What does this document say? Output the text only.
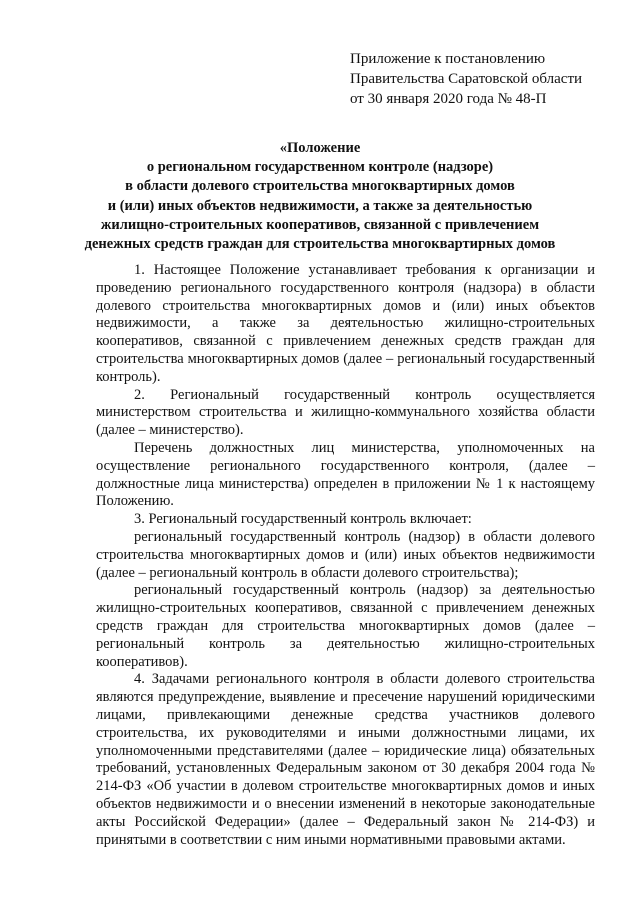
Приложение к постановлению
Правительства Саратовской области
от 30 января 2020 года № 48-П
«Положение
о региональном государственном контроле (надзоре)
в области долевого строительства многоквартирных домов
и (или) иных объектов недвижимости, а также за деятельностью
жилищно-строительных кооперативов, связанной с привлечением
денежных средств граждан для строительства многоквартирных домов

1. Настоящее Положение устанавливает требования к организации и проведению регионального государственного контроля (надзора) в области долевого строительства многоквартирных домов и (или) иных объектов недвижимости, а также за деятельностью жилищно-строительных кооперативов, связанной с привлечением денежных средств граждан для строительства многоквартирных домов (далее – региональный государственный контроль).

2. Региональный государственный контроль осуществляется министерством строительства и жилищно-коммунального хозяйства области (далее – министерство).

Перечень должностных лиц министерства, уполномоченных на осуществление регионального государственного контроля, (далее – должностные лица министерства) определен в приложении № 1 к настоящему Положению.

3. Региональный государственный контроль включает:

региональный государственный контроль (надзор) в области долевого строительства многоквартирных домов и (или) иных объектов недвижимости (далее – региональный контроль в области долевого строительства);

региональный государственный контроль (надзор) за деятельностью жилищно-строительных кооперативов, связанной с привлечением денежных средств граждан для строительства многоквартирных домов (далее – региональный контроль за деятельностью жилищно-строительных кооперативов).

4. Задачами регионального контроля в области долевого строительства являются предупреждение, выявление и пресечение нарушений юридическими лицами, привлекающими денежные средства участников долевого строительства, их руководителями и иными должностными лицами, их уполномоченными представителями (далее – юридические лица) обязательных требований, установленных Федеральным законом от 30 декабря 2004 года № 214-ФЗ «Об участии в долевом строительстве многоквартирных домов и иных объектов недвижимости и о внесении изменений в некоторые законодательные акты Российской Федерации» (далее – Федеральный закон № 214-ФЗ) и принятыми в соответствии с ним иными нормативными правовыми актами.
